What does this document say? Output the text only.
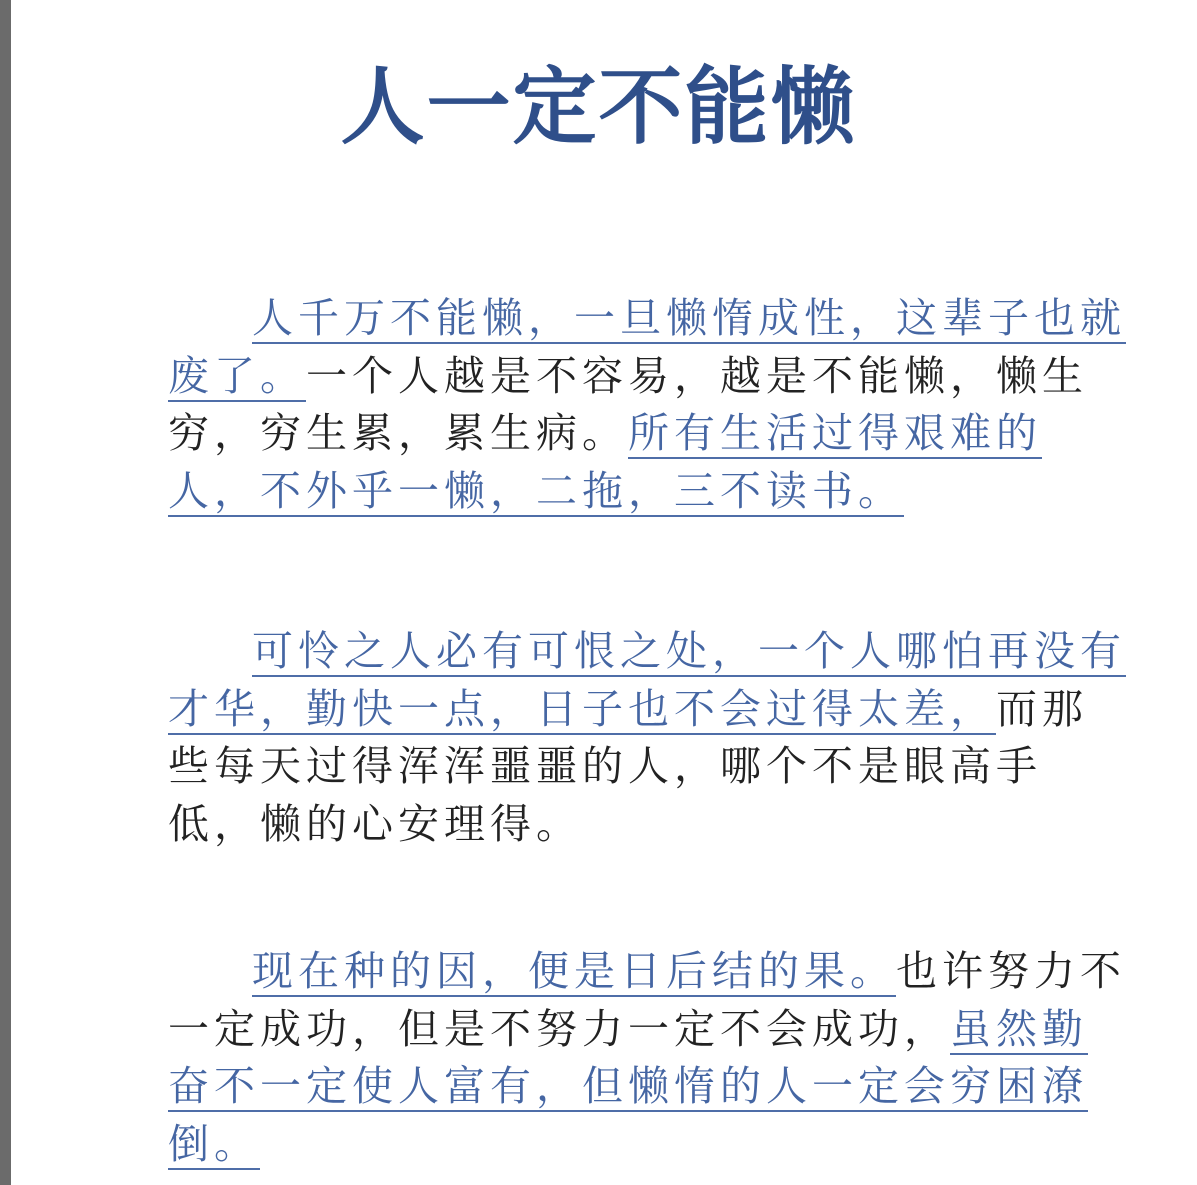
人一定不能懒

人千万不能懒，一旦懒惰成性，这辈子也就废了。一个人越是不容易，越是不能懒，懒生穷，穷生累，累生病。所有生活过得艰难的人，不外乎一懒，二拖，三不读书。

可怜之人必有可恨之处，一个人哪怕再没有才华，勤快一点，日子也不会过得太差，而那些每天过得浑浑噩噩的人，哪个不是眼高手低，懒的心安理得。

现在种的因，便是日后结的果。也许努力不一定成功，但是不努力一定不会成功，虽然勤奋不一定使人富有，但懒惰的人一定会穷困潦倒。
